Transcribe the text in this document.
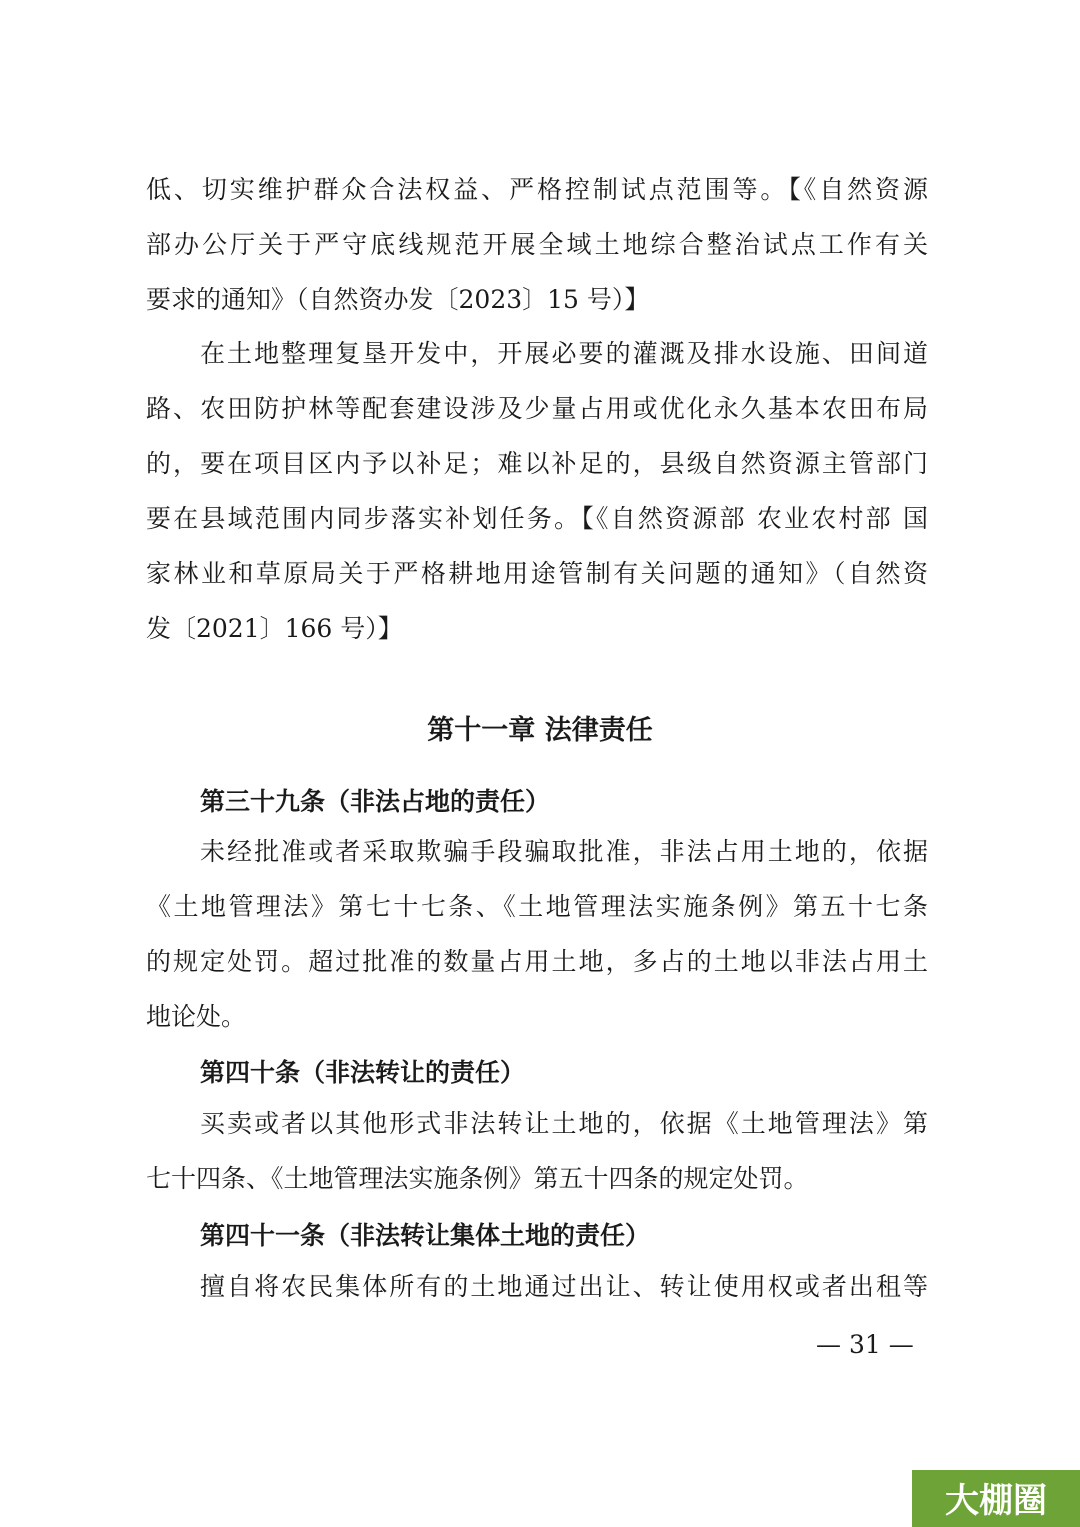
低、切实维护群众合法权益、严格控制试点范围等。【《自然资源
部办公厅关于严守底线规范开展全域土地综合整治试点工作有关
要求的通知》（自然资办发〔2023〕15 号）】
在土地整理复垦开发中，开展必要的灌溉及排水设施、田间道
路、农田防护林等配套建设涉及少量占用或优化永久基本农田布局
的，要在项目区内予以补足；难以补足的，县级自然资源主管部门
要在县域范围内同步落实补划任务。【《自然资源部 农业农村部 国
家林业和草原局关于严格耕地用途管制有关问题的通知》（自然资
发〔2021〕166 号）】
第十一章 法律责任
第三十九条（非法占地的责任）
未经批准或者采取欺骗手段骗取批准，非法占用土地的，依据
《土地管理法》第七十七条、《土地管理法实施条例》第五十七条
的规定处罚。超过批准的数量占用土地，多占的土地以非法占用土
地论处。
第四十条（非法转让的责任）
买卖或者以其他形式非法转让土地的，依据《土地管理法》第
七十四条、《土地管理法实施条例》第五十四条的规定处罚。
第四十一条（非法转让集体土地的责任）
擅自将农民集体所有的土地通过出让、转让使用权或者出租等
— 31 —
大棚圈
